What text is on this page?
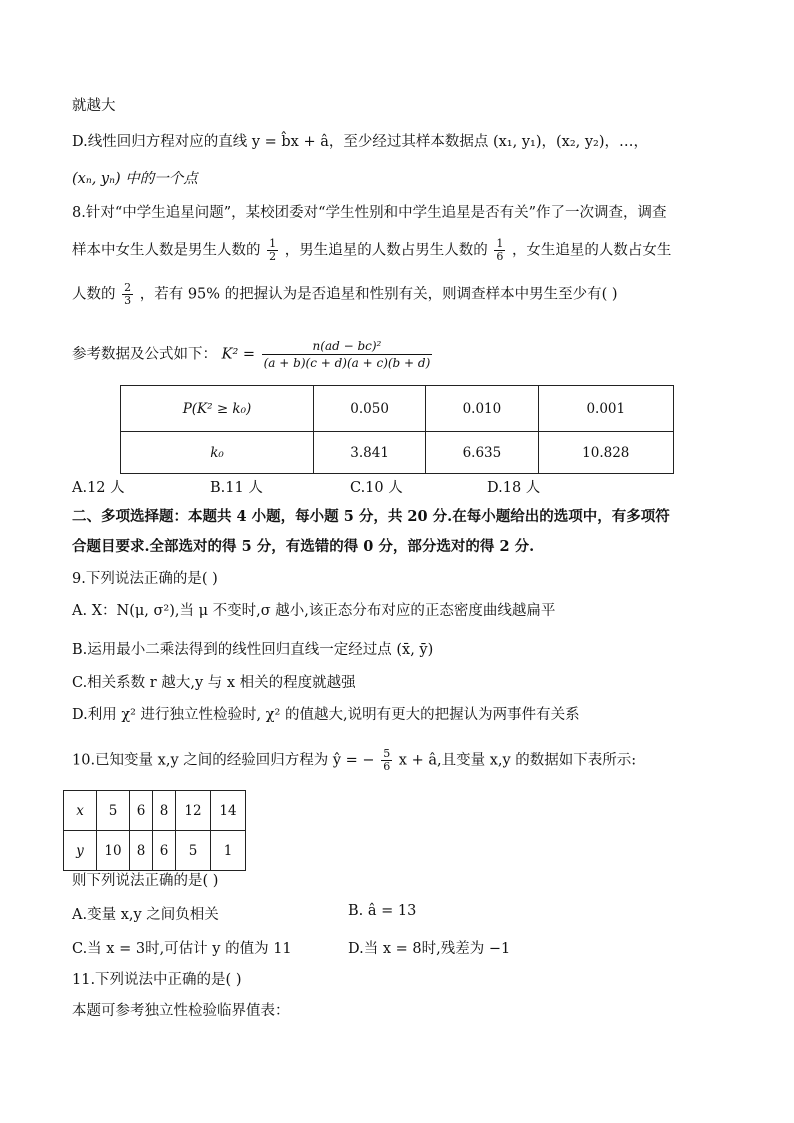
就越大
D.线性回归方程对应的直线 y = b̂x + â，至少经过其样本数据点 (x₁, y₁)，(x₂, y₂)，…，
(xₙ, yₙ) 中的一个点
8.针对“中学生追星问题”，某校团委对“学生性别和中学生追星是否有关”作了一次调查，调查
样本中女生人数是男生人数的 $\frac{1}{2}$ ，男生追星的人数占男生人数的 $\frac{1}{6}$ ，女生追星的人数占女生
人数的 $\frac{2}{3}$ ，若有 95% 的把握认为是否追星和性别有关，则调查样本中男生至少有( )
参考数据及公式如下： $K^2 = \frac{\text{n(ad − bc)²}}{(a + b)(c + d)(a + c)(b + d)}$
P(K² ≥ k₀)	0.050	0.010	0.001
k₀	3.841	6.635	10.828
A.12 人	B.11 人	C.10 人	D.18 人
二、多项选择题：本题共 4 小题，每小题 5 分，共 20 分.在每小题给出的选项中，有多项符
合题目要求.全部选对的得 5 分，有选错的得 0 分，部分选对的得 2 分.
9.下列说法正确的是( )
A. X：N(μ, σ²),当 μ 不变时,σ 越小,该正态分布对应的正态密度曲线越扁平
B.运用最小二乘法得到的线性回归直线一定经过点 (x̄, ȳ)
C.相关系数 r 越大,y 与 x 相关的程度就越强
D.利用 χ² 进行独立性检验时, χ² 的值越大,说明有更大的把握认为两事件有关系
10.已知变量 x,y 之间的经验回归方程为 ŷ = − $\frac{5}{6}$ x + â,且变量 x,y 的数据如下表所示:
x	5	6	8	12	14
y	10	8	6	5	1
则下列说法正确的是( )
A.变量 x,y 之间负相关	B. â = 13
C.当 x = 3时,可估计 y 的值为 11	D.当 x = 8时,残差为 −1
11.下列说法中正确的是( )
本题可参考独立性检验临界值表：
